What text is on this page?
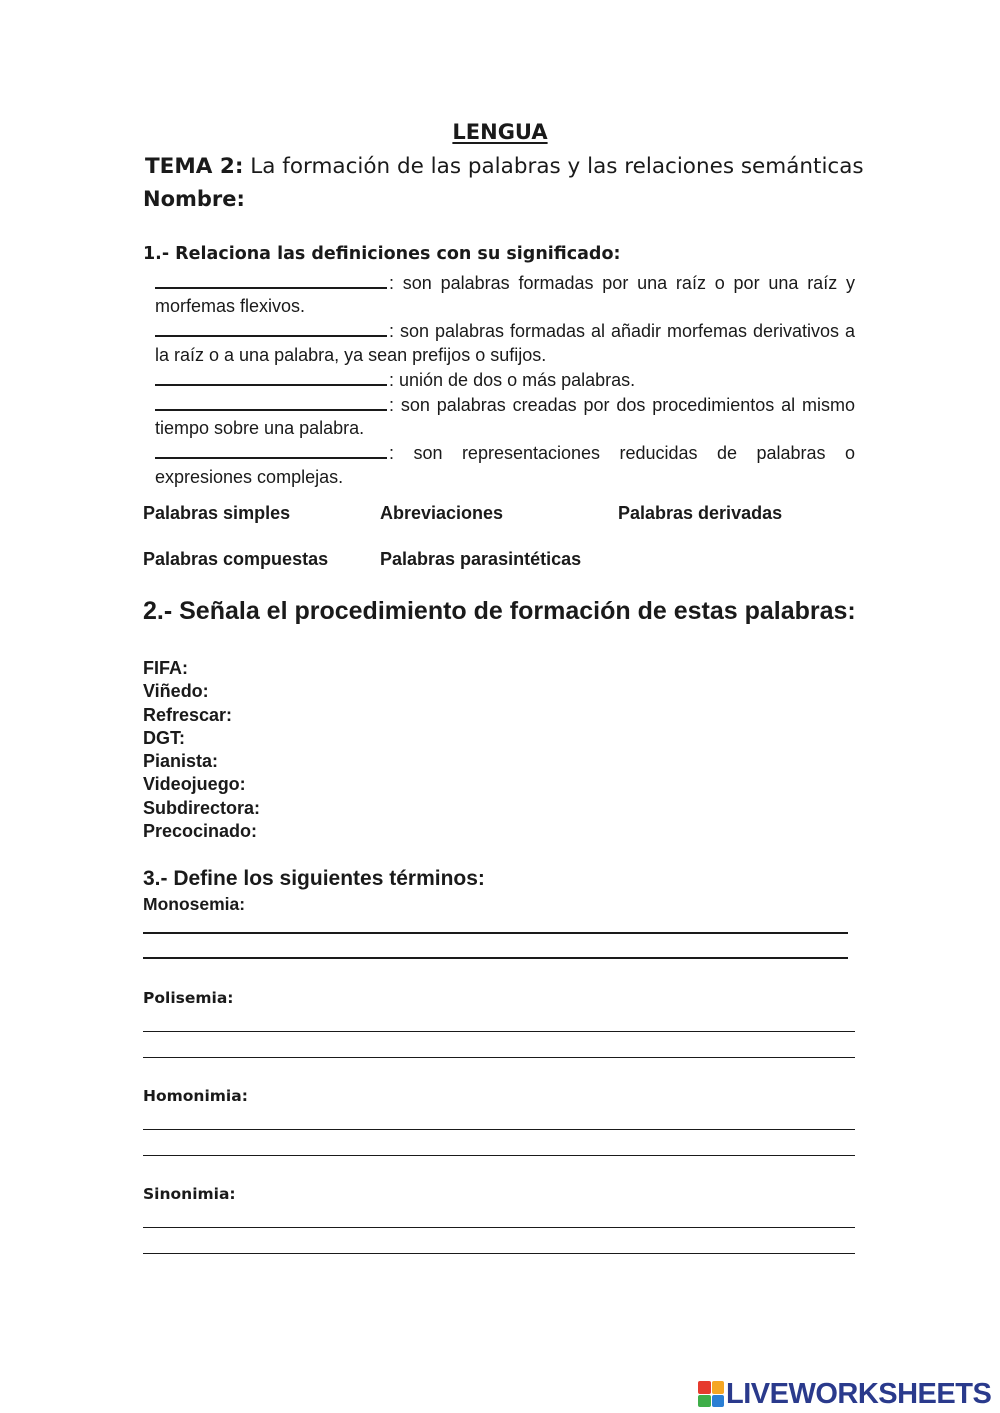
LENGUA
TEMA 2: La formación de las palabras y las relaciones semánticas
Nombre:
1.- Relaciona las definiciones con su significado:

: son palabras formadas por una raíz o por una raíz y morfemas flexivos.

: son palabras formadas al añadir morfemas derivativos a la raíz o a una palabra, ya sean prefijos o sufijos.

: unión de dos o más palabras.

: son palabras creadas por dos procedimientos al mismo tiempo sobre una palabra.

: son representaciones reducidas de palabras o expresiones complejas.

Palabras simples	Abreviaciones	Palabras derivadas
Palabras compuestas	Palabras parasintéticas
2.- Señala el procedimiento de formación de estas palabras:
FIFA:
Viñedo:
Refrescar:
DGT:
Pianista:
Videojuego:
Subdirectora:
Precocinado:
3.- Define los siguientes términos:
Monosemia:
Polisemia:
Homonimia:
Sinonimia:
LIVEWORKSHEETS
